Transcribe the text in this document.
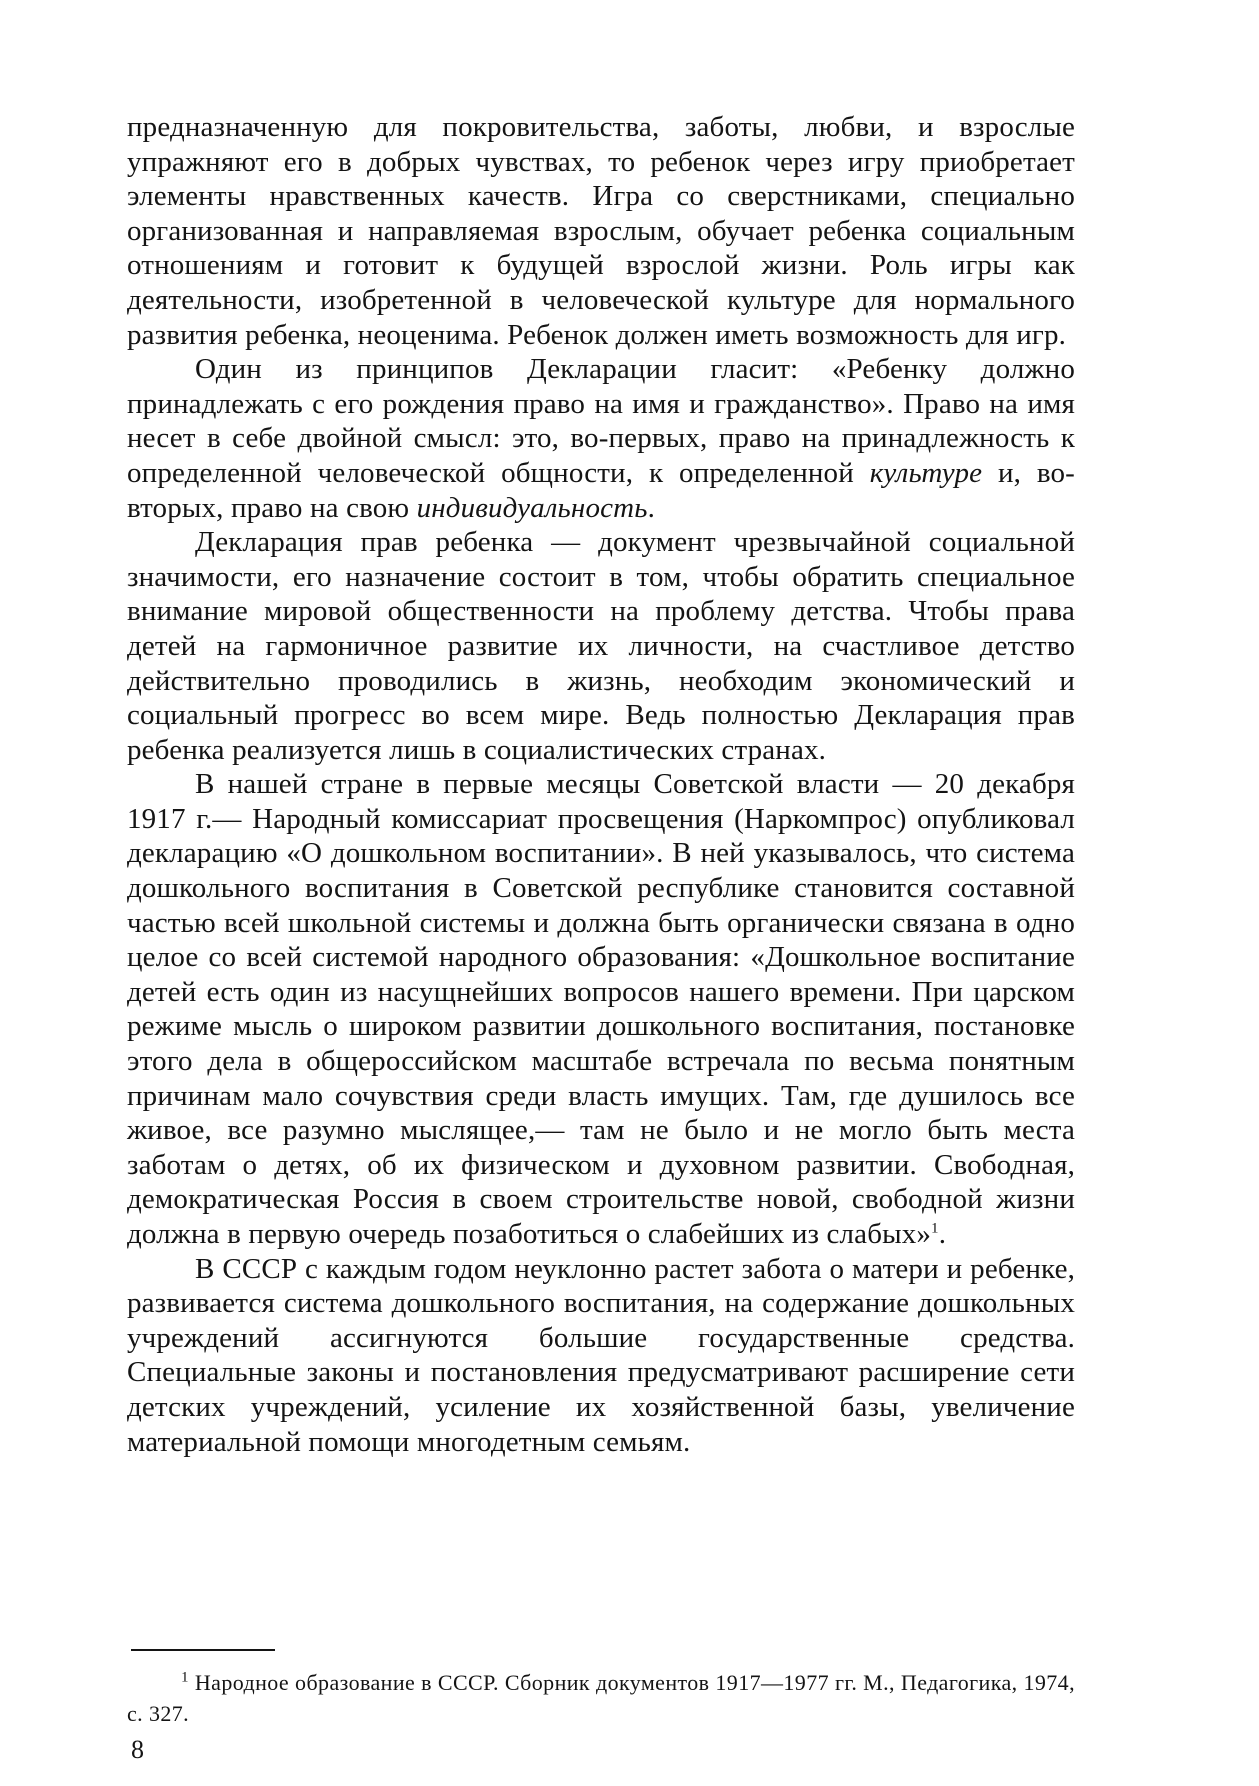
предназначенную для покровительства, заботы, любви, и взрослые упражняют его в добрых чувствах, то ребенок через игру приобретает элементы нравственных качеств. Игра со сверстниками, специально организованная и направляемая взрослым, обучает ребенка социальным отношениям и готовит к будущей взрослой жизни. Роль игры как деятельности, изобретенной в человеческой культуре для нормального развития ребенка, неоценима. Ребенок должен иметь возможность для игр.

Один из принципов Декларации гласит: «Ребенку должно принадлежать с его рождения право на имя и гражданство». Право на имя несет в себе двойной смысл: это, во-первых, право на принадлежность к определенной человеческой общности, к определенной культуре и, во-вторых, право на свою индивидуальность.

Декларация прав ребенка — документ чрезвычайной социальной значимости, его назначение состоит в том, чтобы обратить специальное внимание мировой общественности на проблему детства. Чтобы права детей на гармоничное развитие их личности, на счастливое детство действительно проводились в жизнь, необходим экономический и социальный прогресс во всем мире. Ведь полностью Декларация прав ребенка реализуется лишь в социалистических странах.

В нашей стране в первые месяцы Советской власти — 20 декабря 1917 г.— Народный комиссариат просвещения (Наркомпрос) опубликовал декларацию «О дошкольном воспитании». В ней указывалось, что система дошкольного воспитания в Советской республике становится составной частью всей школьной системы и должна быть органически связана в одно целое со всей системой народного образования: «Дошкольное воспитание детей есть один из насущнейших вопросов нашего времени. При царском режиме мысль о широком развитии дошкольного воспитания, постановке этого дела в общероссийском масштабе встречала по весьма понятным причинам мало сочувствия среди власть имущих. Там, где душилось все живое, все разумно мыслящее,— там не было и не могло быть места заботам о детях, об их физическом и духовном развитии. Свободная, демократическая Россия в своем строительстве новой, свободной жизни должна в первую очередь позаботиться о слабейших из слабых»$^1$.

В СССР с каждым годом неуклонно растет забота о матери и ребенке, развивается система дошкольного воспитания, на содержание дошкольных учреждений ассигнуются большие государственные средства. Специальные законы и постановления предусматривают расширение сети детских учреждений, усиление их хозяйственной базы, увеличение материальной помощи многодетным семьям.

$^1$ Народное образование в СССР. Сборник документов 1917—1977 гг. М., Педагогика, 1974, с. 327.

8
